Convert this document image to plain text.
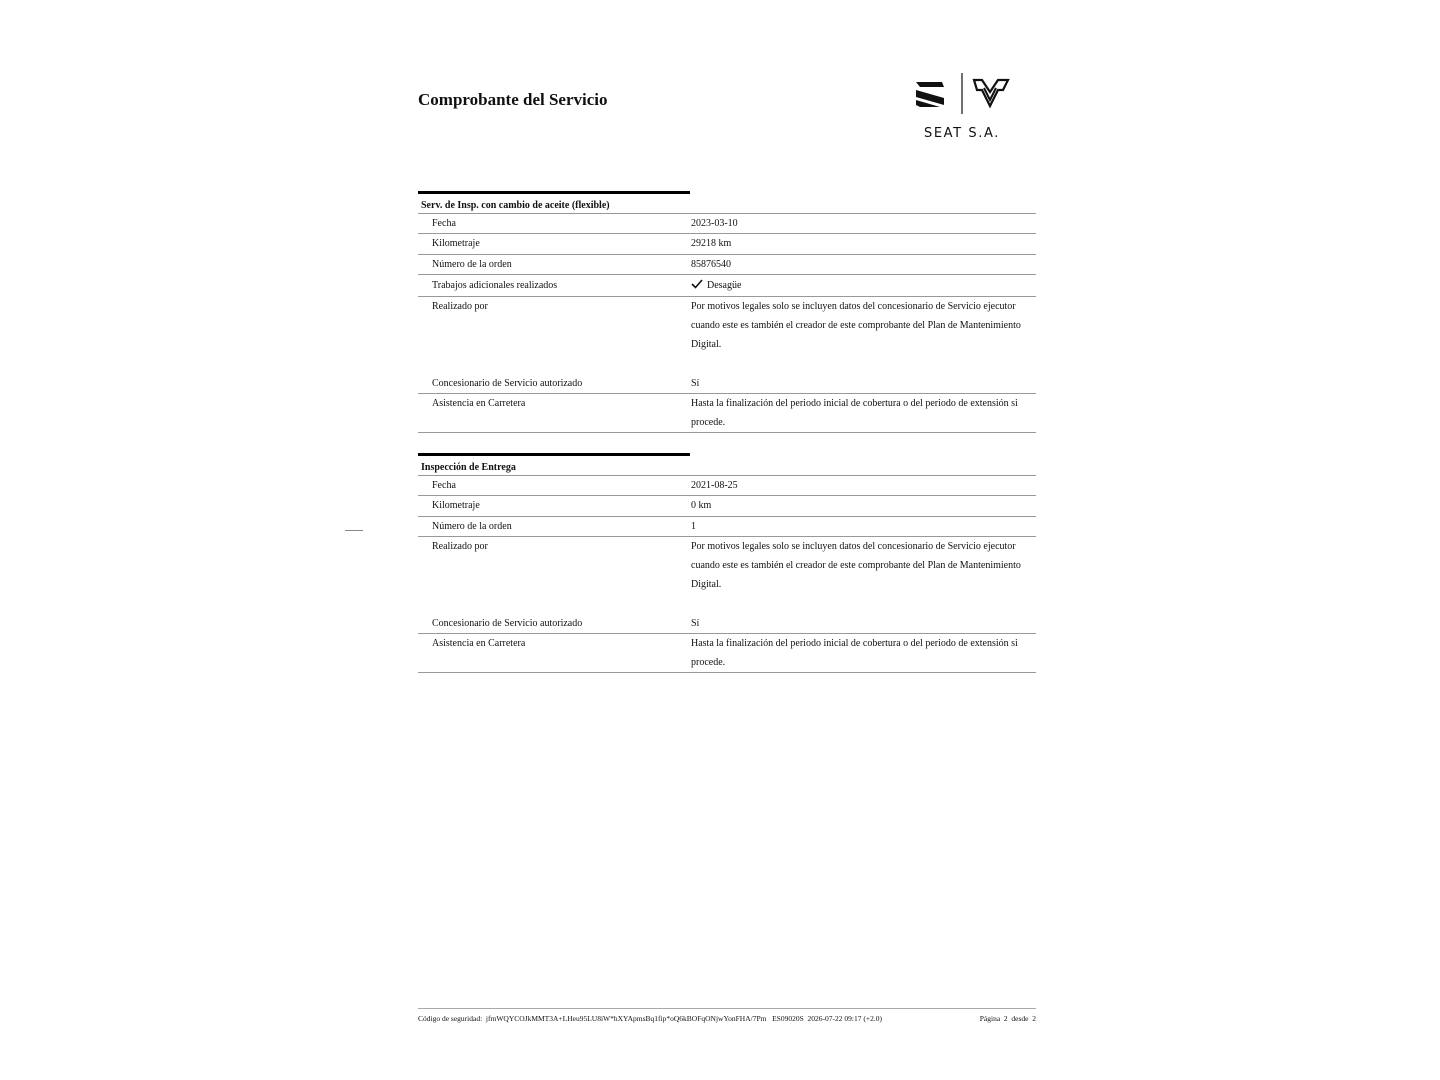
Comprobante del Servicio
SEAT S.A.
Serv. de Insp. con cambio de aceite (flexible)
Fecha	2023-03-10
Kilometraje	29218 km
Número de la orden	85876540
Trabajos adicionales realizados	Desagüe
Realizado por	Por motivos legales solo se incluyen datos del concesionario de Servicio ejecutor cuando este es también el creador de este comprobante del Plan de Mantenimiento Digital.
Concesionario de Servicio autorizado	Sí
Asistencia en Carretera	Hasta la finalización del periodo inicial de cobertura o del periodo de extensión si procede.
Inspección de Entrega
Fecha	2021-08-25
Kilometraje	0 km
Número de la orden	1
Realizado por	Por motivos legales solo se incluyen datos del concesionario de Servicio ejecutor cuando este es también el creador de este comprobante del Plan de Mantenimiento Digital.
Concesionario de Servicio autorizado	Sí
Asistencia en Carretera	Hasta la finalización del periodo inicial de cobertura o del periodo de extensión si procede.
Código de seguridad:  jfmWQYCOJkMMT3A+LHeu95LU8iW*hXYApmsBq1fip*oQ6kBOFqONjwYonFHA/7Pm   ES09020S  2026-07-22 09:17 (+2.0)	Página  2  desde  2
